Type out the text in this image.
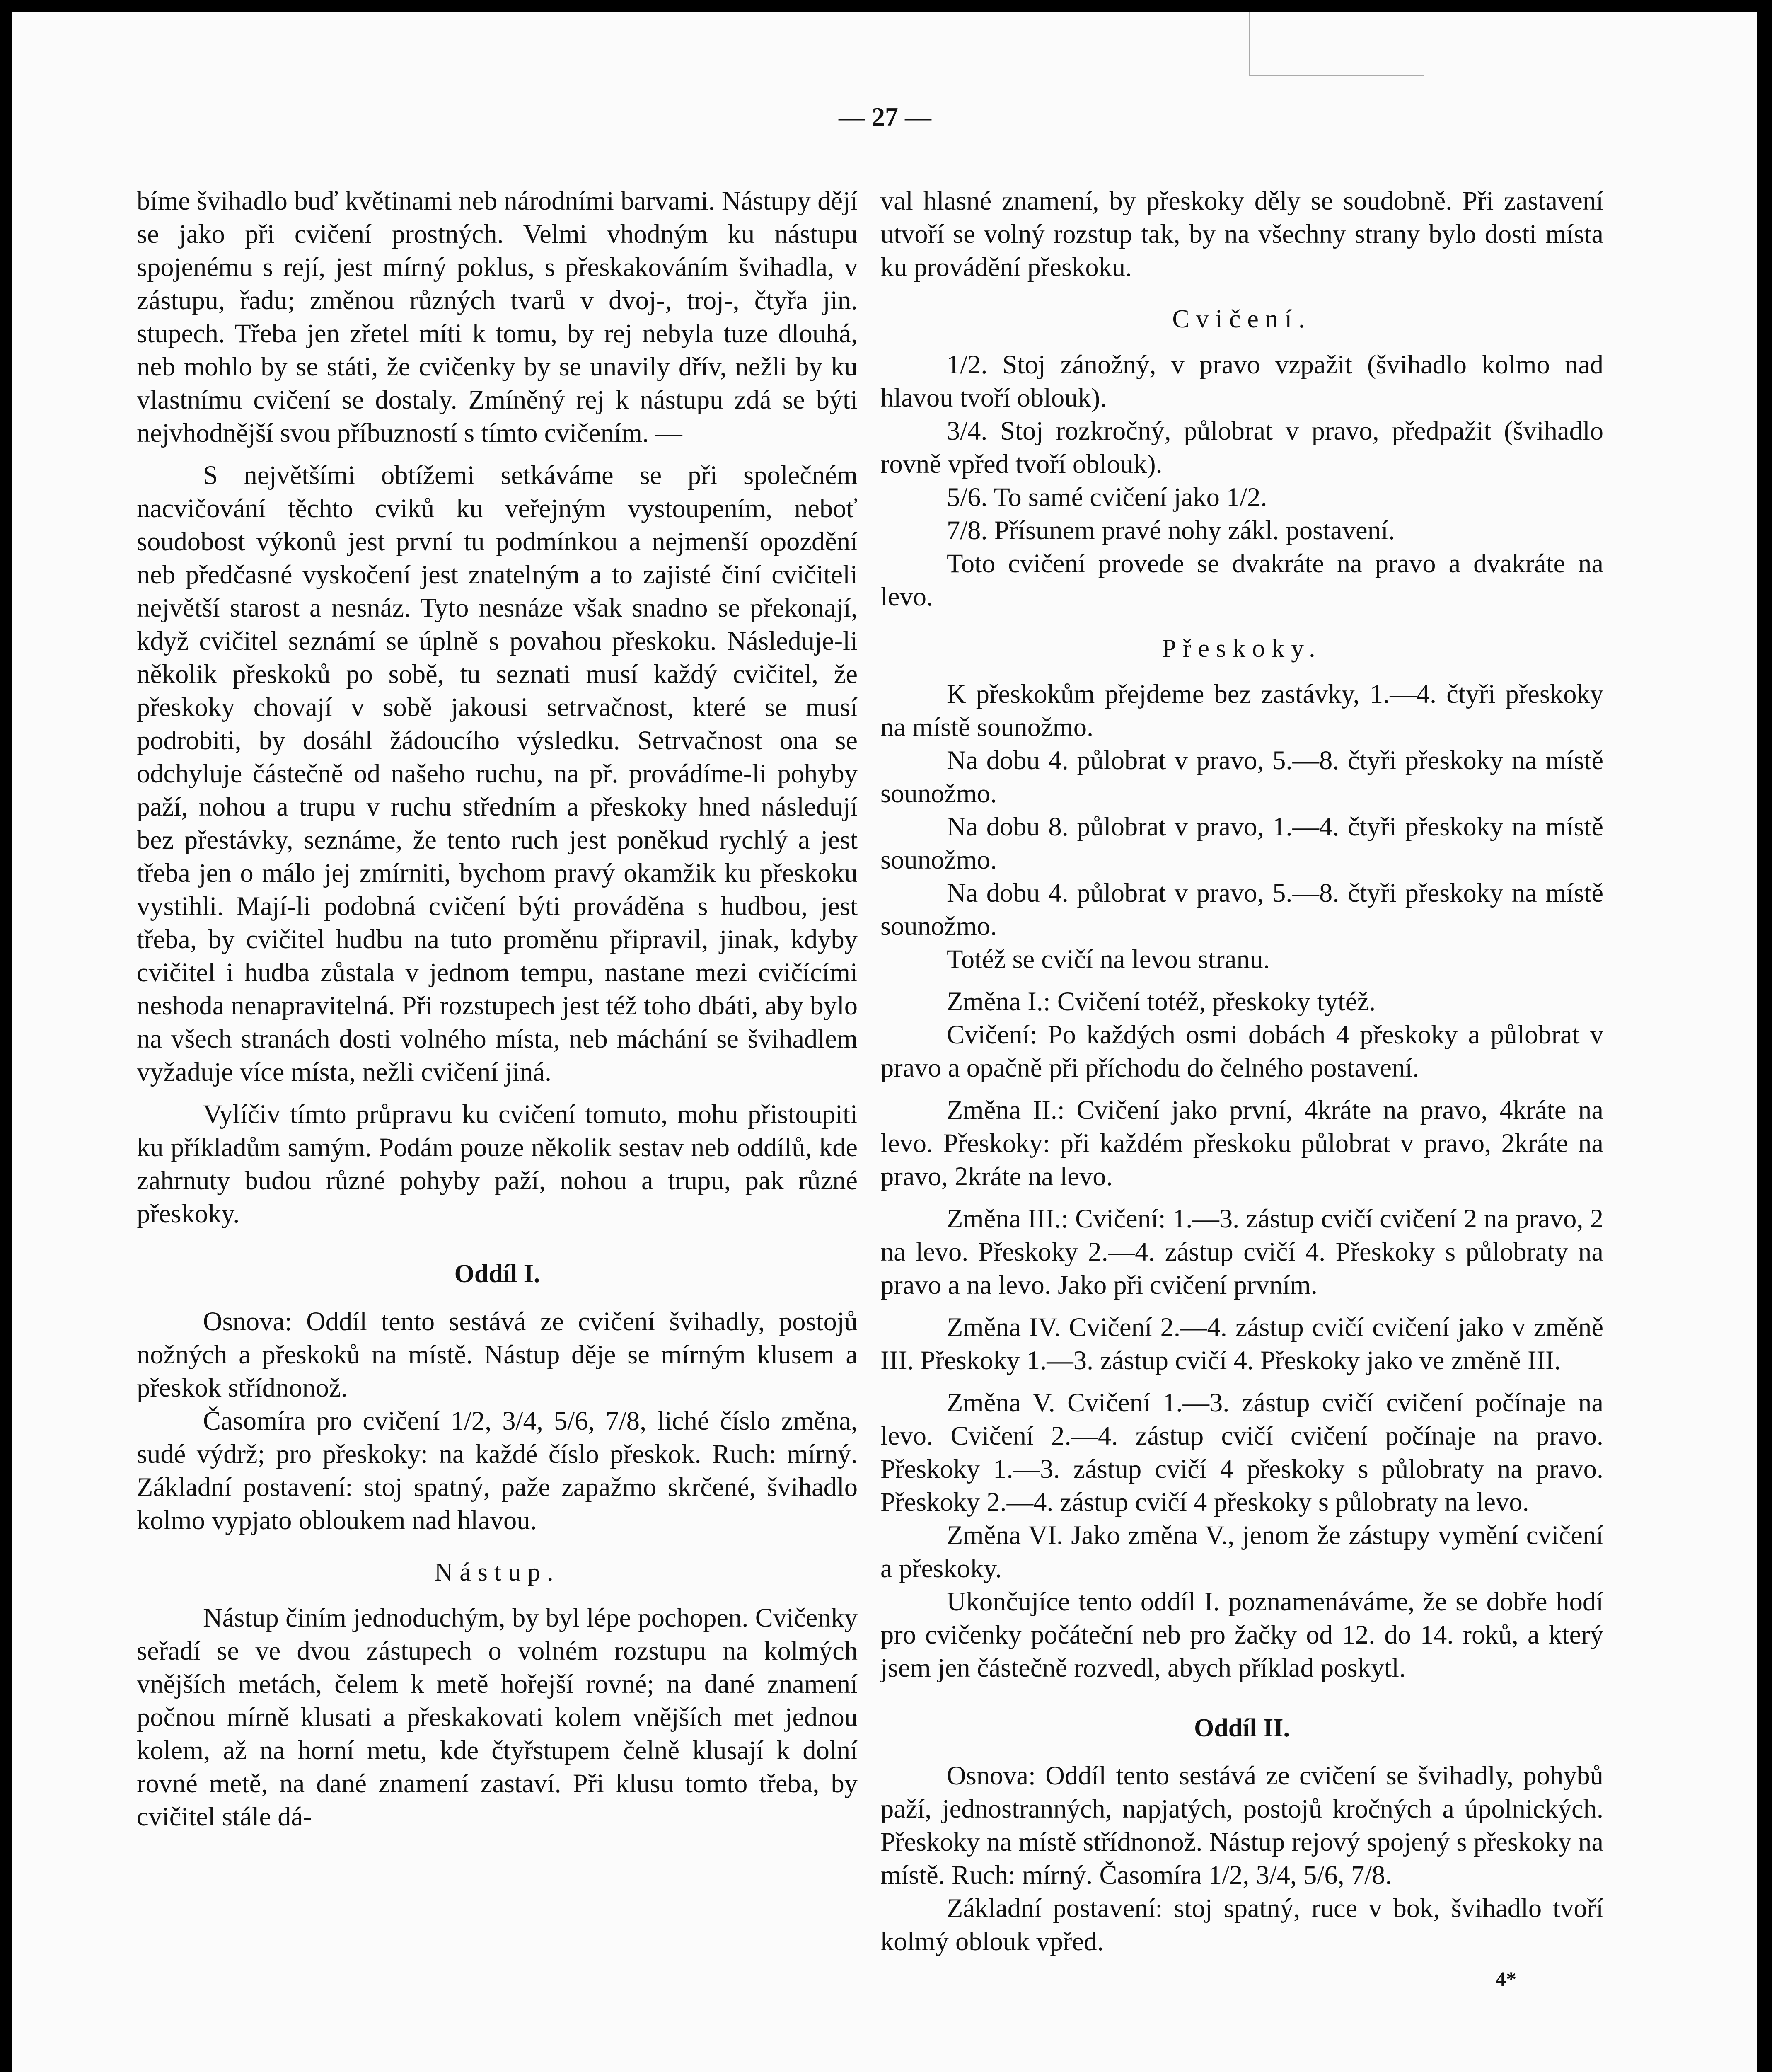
— 27 —

bíme švihadlo buď květinami neb národními barvami. Nástupy dějí se jako při cvičení prostných. Velmi vhodným ku nástupu spojenému s rejí, jest mírný poklus, s přeskakováním švihadla, v zástupu, řadu; změnou různých tvarů v dvoj-, troj-, čtyřa jin. stupech. Třeba jen zřetel míti k tomu, by rej nebyla tuze dlouhá, neb mohlo by se státi, že cvičenky by se unavily dřív, nežli by ku vlastnímu cvičení se dostaly. Zmíněný rej k nástupu zdá se býti nejvhodnější svou příbuzností s tímto cvičením. —

S největšími obtížemi setkáváme se při společném nacvičování těchto cviků ku veřejným vystoupením, neboť soudobost výkonů jest první tu podmínkou a nejmenší opozdění neb předčasné vyskočení jest znatelným a to zajisté činí cvičiteli největší starost a nesnáz. Tyto nesnáze však snadno se překonají, když cvičitel seznámí se úplně s povahou přeskoku. Následuje-li několik přeskoků po sobě, tu seznati musí každý cvičitel, že přeskoky chovají v sobě jakousi setrvačnost, které se musí podrobiti, by dosáhl žádoucího výsledku. Setrvačnost ona se odchyluje částečně od našeho ruchu, na př. provádíme-li pohyby paží, nohou a trupu v ruchu středním a přeskoky hned následují bez přestávky, seznáme, že tento ruch jest poněkud rychlý a jest třeba jen o málo jej zmírniti, bychom pravý okamžik ku přeskoku vystihli. Mají-li podobná cvičení býti prováděna s hudbou, jest třeba, by cvičitel hudbu na tuto proměnu připravil, jinak, kdyby cvičitel i hudba zůstala v jednom tempu, nastane mezi cvičícími neshoda nenapravitelná. Při rozstupech jest též toho dbáti, aby bylo na všech stranách dosti volného místa, neb máchání se švihadlem vyžaduje více místa, nežli cvičení jiná.

Vylíčiv tímto průpravu ku cvičení tomuto, mohu přistoupiti ku příkladům samým. Podám pouze několik sestav neb oddílů, kde zahrnuty budou různé pohyby paží, nohou a trupu, pak různé přeskoky.

Oddíl I.

Osnova: Oddíl tento sestává ze cvičení švihadly, postojů nožných a přeskoků na místě. Nástup děje se mírným klusem a přeskok střídnonož.

Časomíra pro cvičení 1/2, 3/4, 5/6, 7/8, liché číslo změna, sudé výdrž; pro přeskoky: na každé číslo přeskok. Ruch: mírný. Základní postavení: stoj spatný, paže zapažmo skrčené, švihadlo kolmo vypjato obloukem nad hlavou.

Nástup.

Nástup činím jednoduchým, by byl lépe pochopen. Cvičenky seřadí se ve dvou zástupech o volném rozstupu na kolmých vnějších metách, čelem k metě hořejší rovné; na dané znamení počnou mírně klusati a přeskakovati kolem vnějších met jednou kolem, až na horní metu, kde čtyřstupem čelně klusají k dolní rovné metě, na dané znamení zastaví. Při klusu tomto třeba, by cvičitel stále dá-

val hlasné znamení, by přeskoky děly se soudobně. Při zastavení utvoří se volný rozstup tak, by na všechny strany bylo dosti místa ku provádění přeskoku.

Cvičení.

1/2. Stoj zánožný, v pravo vzpažit (švihadlo kolmo nad hlavou tvoří oblouk).

3/4. Stoj rozkročný, půlobrat v pravo, předpažit (švihadlo rovně vpřed tvoří oblouk).

5/6. To samé cvičení jako 1/2.

7/8. Přísunem pravé nohy zákl. postavení.

Toto cvičení provede se dvakráte na pravo a dvakráte na levo.

Přeskoky.

K přeskokům přejdeme bez zastávky, 1.—4. čtyři přeskoky na místě sounožmo.

Na dobu 4. půlobrat v pravo, 5.—8. čtyři přeskoky na místě sounožmo.

Na dobu 8. půlobrat v pravo, 1.—4. čtyři přeskoky na místě sounožmo.

Na dobu 4. půlobrat v pravo, 5.—8. čtyři přeskoky na místě sounožmo.

Totéž se cvičí na levou stranu.

Změna I.: Cvičení totéž, přeskoky tytéž.

Cvičení: Po každých osmi dobách 4 přeskoky a půlobrat v pravo a opačně při příchodu do čelného postavení.

Změna II.: Cvičení jako první, 4kráte na pravo, 4kráte na levo. Přeskoky: při každém přeskoku půlobrat v pravo, 2kráte na pravo, 2kráte na levo.

Změna III.: Cvičení: 1.—3. zástup cvičí cvičení 2 na pravo, 2 na levo. Přeskoky 2.—4. zástup cvičí 4. Přeskoky s půlobraty na pravo a na levo. Jako při cvičení prvním.

Změna IV. Cvičení 2.—4. zástup cvičí cvičení jako v změně III. Přeskoky 1.—3. zástup cvičí 4. Přeskoky jako ve změně III.

Změna V. Cvičení 1.—3. zástup cvičí cvičení počínaje na levo. Cvičení 2.—4. zástup cvičí cvičení počínaje na pravo. Přeskoky 1.—3. zástup cvičí 4 přeskoky s půlobraty na pravo. Přeskoky 2.—4. zástup cvičí 4 přeskoky s půlobraty na levo.

Změna VI. Jako změna V., jenom že zástupy vymění cvičení a přeskoky.

Ukončujíce tento oddíl I. poznamenáváme, že se dobře hodí pro cvičenky počáteční neb pro žačky od 12. do 14. roků, a který jsem jen částečně rozvedl, abych příklad poskytl.

Oddíl II.

Osnova: Oddíl tento sestává ze cvičení se švihadly, pohybů paží, jednostranných, napjatých, postojů kročných a úpolnických. Přeskoky na místě střídnonož. Nástup rejový spojený s přeskoky na místě. Ruch: mírný. Časomíra 1/2, 3/4, 5/6, 7/8.

Základní postavení: stoj spatný, ruce v bok, švihadlo tvoří kolmý oblouk vpřed.

4*
